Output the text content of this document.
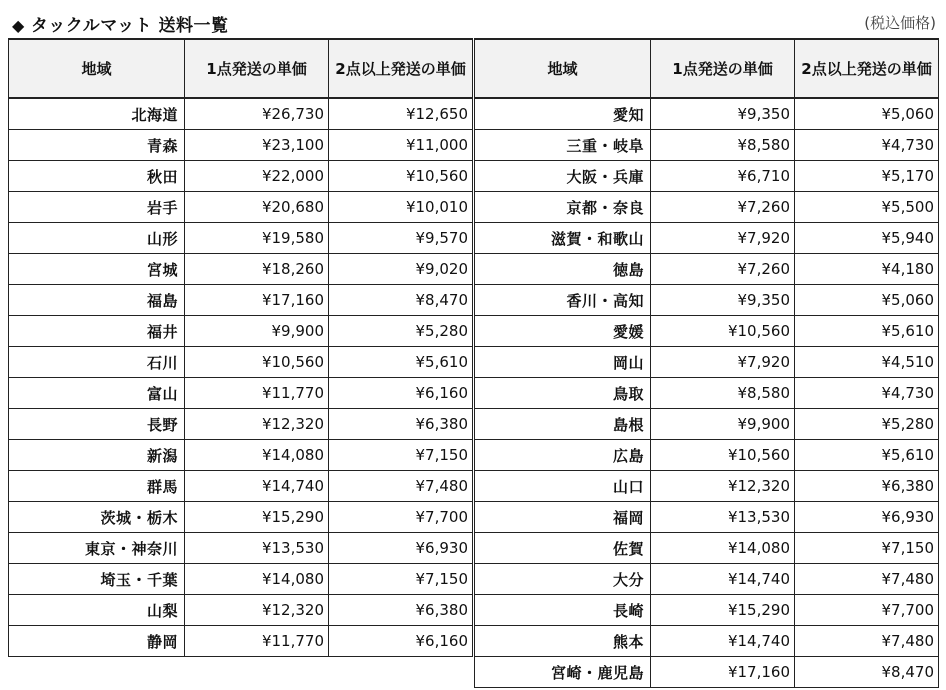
◆ タックルマット 送料一覧	(税込価格)
地域	1点発送の単価	2点以上発送の単価
北海道	¥26,730	¥12,650
青森	¥23,100	¥11,000
秋田	¥22,000	¥10,560
岩手	¥20,680	¥10,010
山形	¥19,580	¥9,570
宮城	¥18,260	¥9,020
福島	¥17,160	¥8,470
福井	¥9,900	¥5,280
石川	¥10,560	¥5,610
富山	¥11,770	¥6,160
長野	¥12,320	¥6,380
新潟	¥14,080	¥7,150
群馬	¥14,740	¥7,480
茨城・栃木	¥15,290	¥7,700
東京・神奈川	¥13,530	¥6,930
埼玉・千葉	¥14,080	¥7,150
山梨	¥12,320	¥6,380
静岡	¥11,770	¥6,160
地域	1点発送の単価	2点以上発送の単価
愛知	¥9,350	¥5,060
三重・岐阜	¥8,580	¥4,730
大阪・兵庫	¥6,710	¥5,170
京都・奈良	¥7,260	¥5,500
滋賀・和歌山	¥7,920	¥5,940
徳島	¥7,260	¥4,180
香川・高知	¥9,350	¥5,060
愛媛	¥10,560	¥5,610
岡山	¥7,920	¥4,510
鳥取	¥8,580	¥4,730
島根	¥9,900	¥5,280
広島	¥10,560	¥5,610
山口	¥12,320	¥6,380
福岡	¥13,530	¥6,930
佐賀	¥14,080	¥7,150
大分	¥14,740	¥7,480
長崎	¥15,290	¥7,700
熊本	¥14,740	¥7,480
宮崎・鹿児島	¥17,160	¥8,470
